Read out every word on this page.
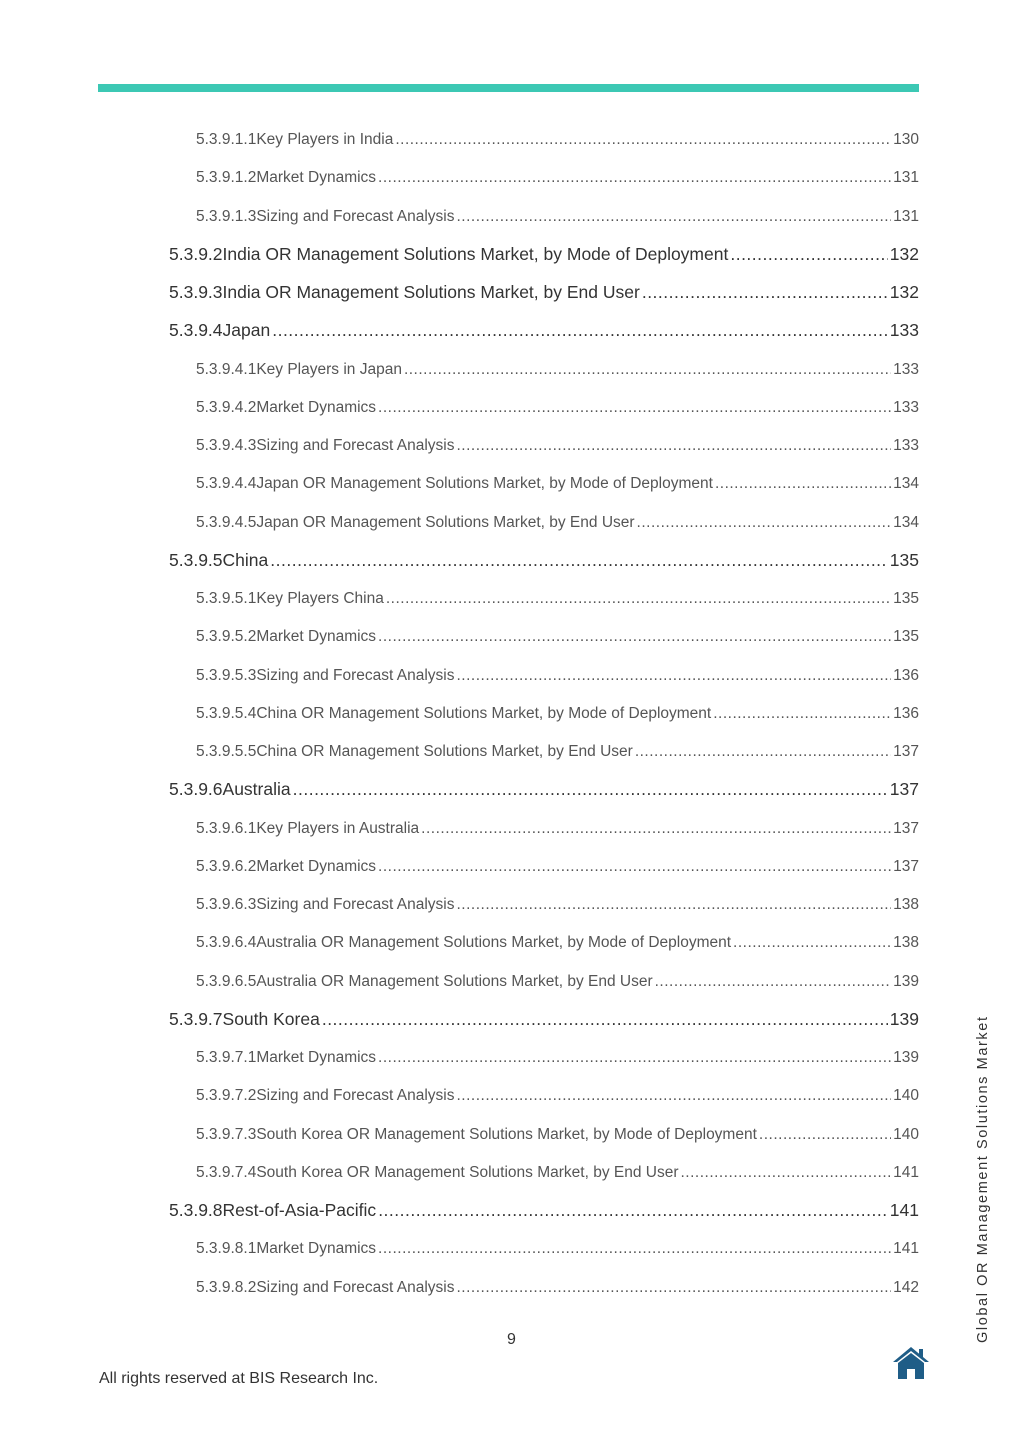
5.3.9.1.1 Key Players in India .....	130
5.3.9.1.2 Market Dynamics .....	131
5.3.9.1.3 Sizing and Forecast Analysis .....	131
5.3.9.2 India OR Management Solutions Market, by Mode of Deployment .....	132
5.3.9.3 India OR Management Solutions Market, by End User .....	132
5.3.9.4 Japan .....	133
5.3.9.4.1 Key Players in Japan .....	133
5.3.9.4.2 Market Dynamics .....	133
5.3.9.4.3 Sizing and Forecast Analysis .....	133
5.3.9.4.4 Japan OR Management Solutions Market, by Mode of Deployment .....	134
5.3.9.4.5 Japan OR Management Solutions Market, by End User .....	134
5.3.9.5 China .....	135
5.3.9.5.1 Key Players China .....	135
5.3.9.5.2 Market Dynamics .....	135
5.3.9.5.3 Sizing and Forecast Analysis .....	136
5.3.9.5.4 China OR Management Solutions Market, by Mode of Deployment .....	136
5.3.9.5.5 China OR Management Solutions Market, by End User .....	137
5.3.9.6 Australia .....	137
5.3.9.6.1 Key Players in Australia .....	137
5.3.9.6.2 Market Dynamics .....	137
5.3.9.6.3 Sizing and Forecast Analysis .....	138
5.3.9.6.4 Australia OR Management Solutions Market, by Mode of Deployment .....	138
5.3.9.6.5 Australia OR Management Solutions Market, by End User .....	139
5.3.9.7 South Korea .....	139
5.3.9.7.1 Market Dynamics .....	139
5.3.9.7.2 Sizing and Forecast Analysis .....	140
5.3.9.7.3 South Korea OR Management Solutions Market, by Mode of Deployment .....	140
5.3.9.7.4 South Korea OR Management Solutions Market, by End User .....	141
5.3.9.8 Rest-of-Asia-Pacific .....	141
5.3.9.8.1 Market Dynamics .....	141
5.3.9.8.2 Sizing and Forecast Analysis .....	142	Global OR Management Solutions Market
9
All rights reserved at BIS Research Inc.
